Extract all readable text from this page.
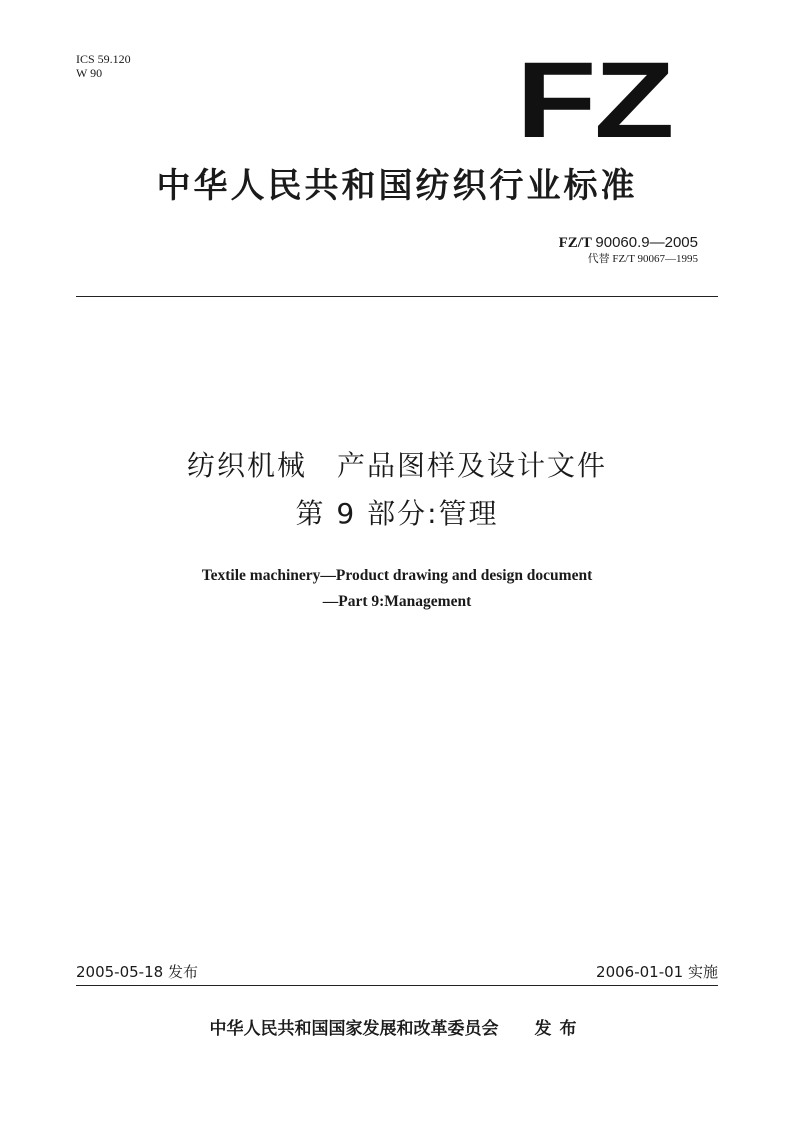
ICS 59.120
W 90	FZ
中华人民共和国纺织行业标准
FZ/T 90060.9—2005
代替 FZ/T 90067—1995
纺织机械　产品图样及设计文件
第 9 部分:管理
Textile machinery—Product drawing and design document
—Part 9:Management
2005-05-18 发布	2006-01-01 实施
中华人民共和国国家发展和改革委员会 发布
